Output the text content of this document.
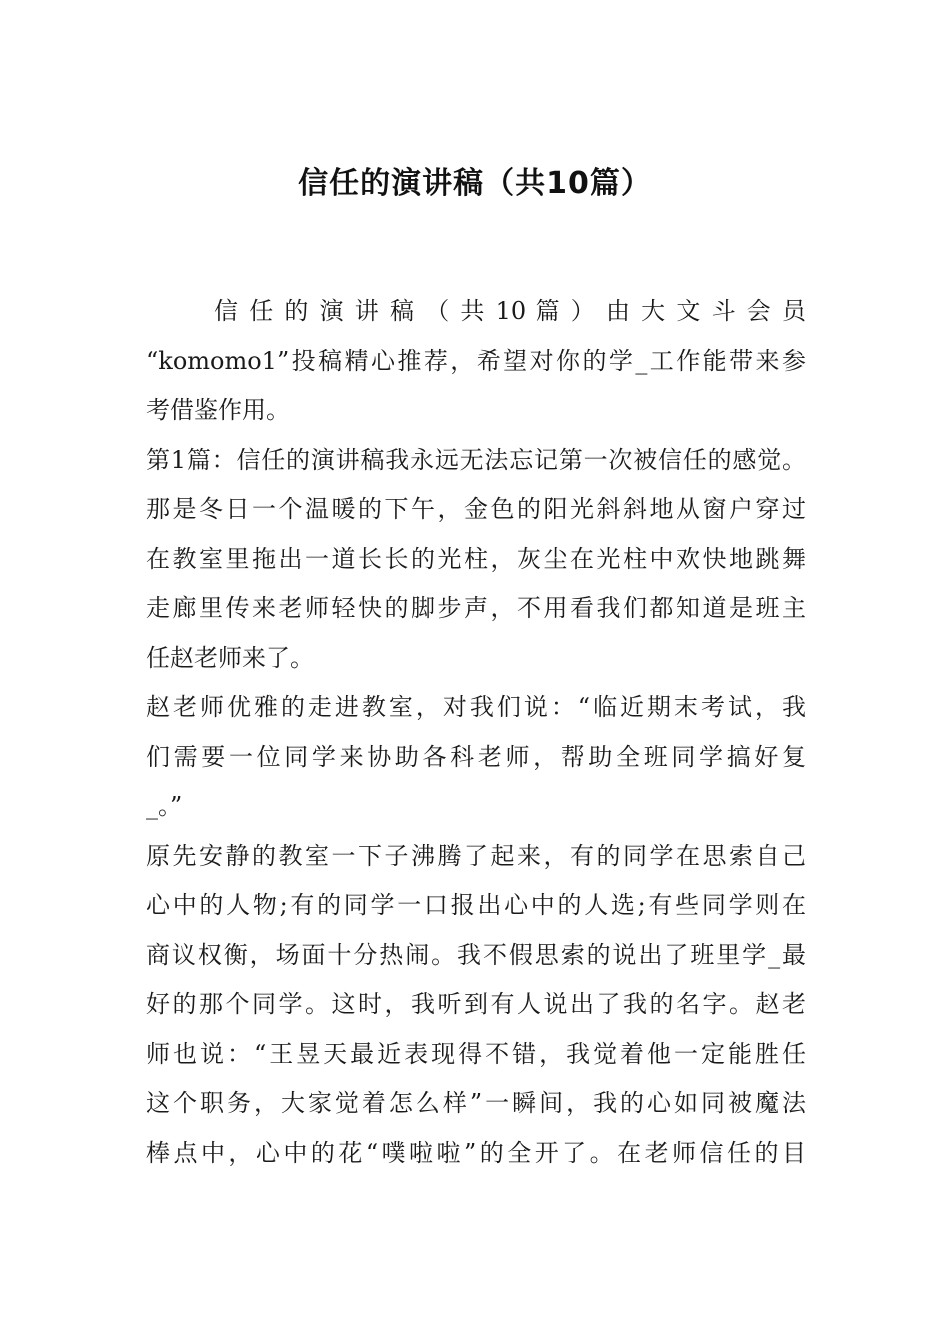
信任的演讲稿（共10篇）
信 任 的 演 讲 稿 （ 共 10 篇 ） 由 大 文 斗 会 员
“komomo1”投稿精心推荐，希望对你的学_工作能带来参
考借鉴作用。
第1篇：信任的演讲稿我永远无法忘记第一次被信任的感觉。
那是冬日一个温暖的下午，金色的阳光斜斜地从窗户穿过
在教室里拖出一道长长的光柱，灰尘在光柱中欢快地跳舞
走廊里传来老师轻快的脚步声，不用看我们都知道是班主
任赵老师来了。
赵老师优雅的走进教室，对我们说：“临近期末考试，我
们需要一位同学来协助各科老师，帮助全班同学搞好复
_。”
原先安静的教室一下子沸腾了起来，有的同学在思索自己
心中的人物;有的同学一口报出心中的人选;有些同学则在
商议权衡，场面十分热闹。我不假思索的说出了班里学_最
好的那个同学。这时，我听到有人说出了我的名字。赵老
师也说：“王昱天最近表现得不错，我觉着他一定能胜任
这个职务，大家觉着怎么样”一瞬间，我的心如同被魔法
棒点中，心中的花“噗啦啦”的全开了。在老师信任的目
